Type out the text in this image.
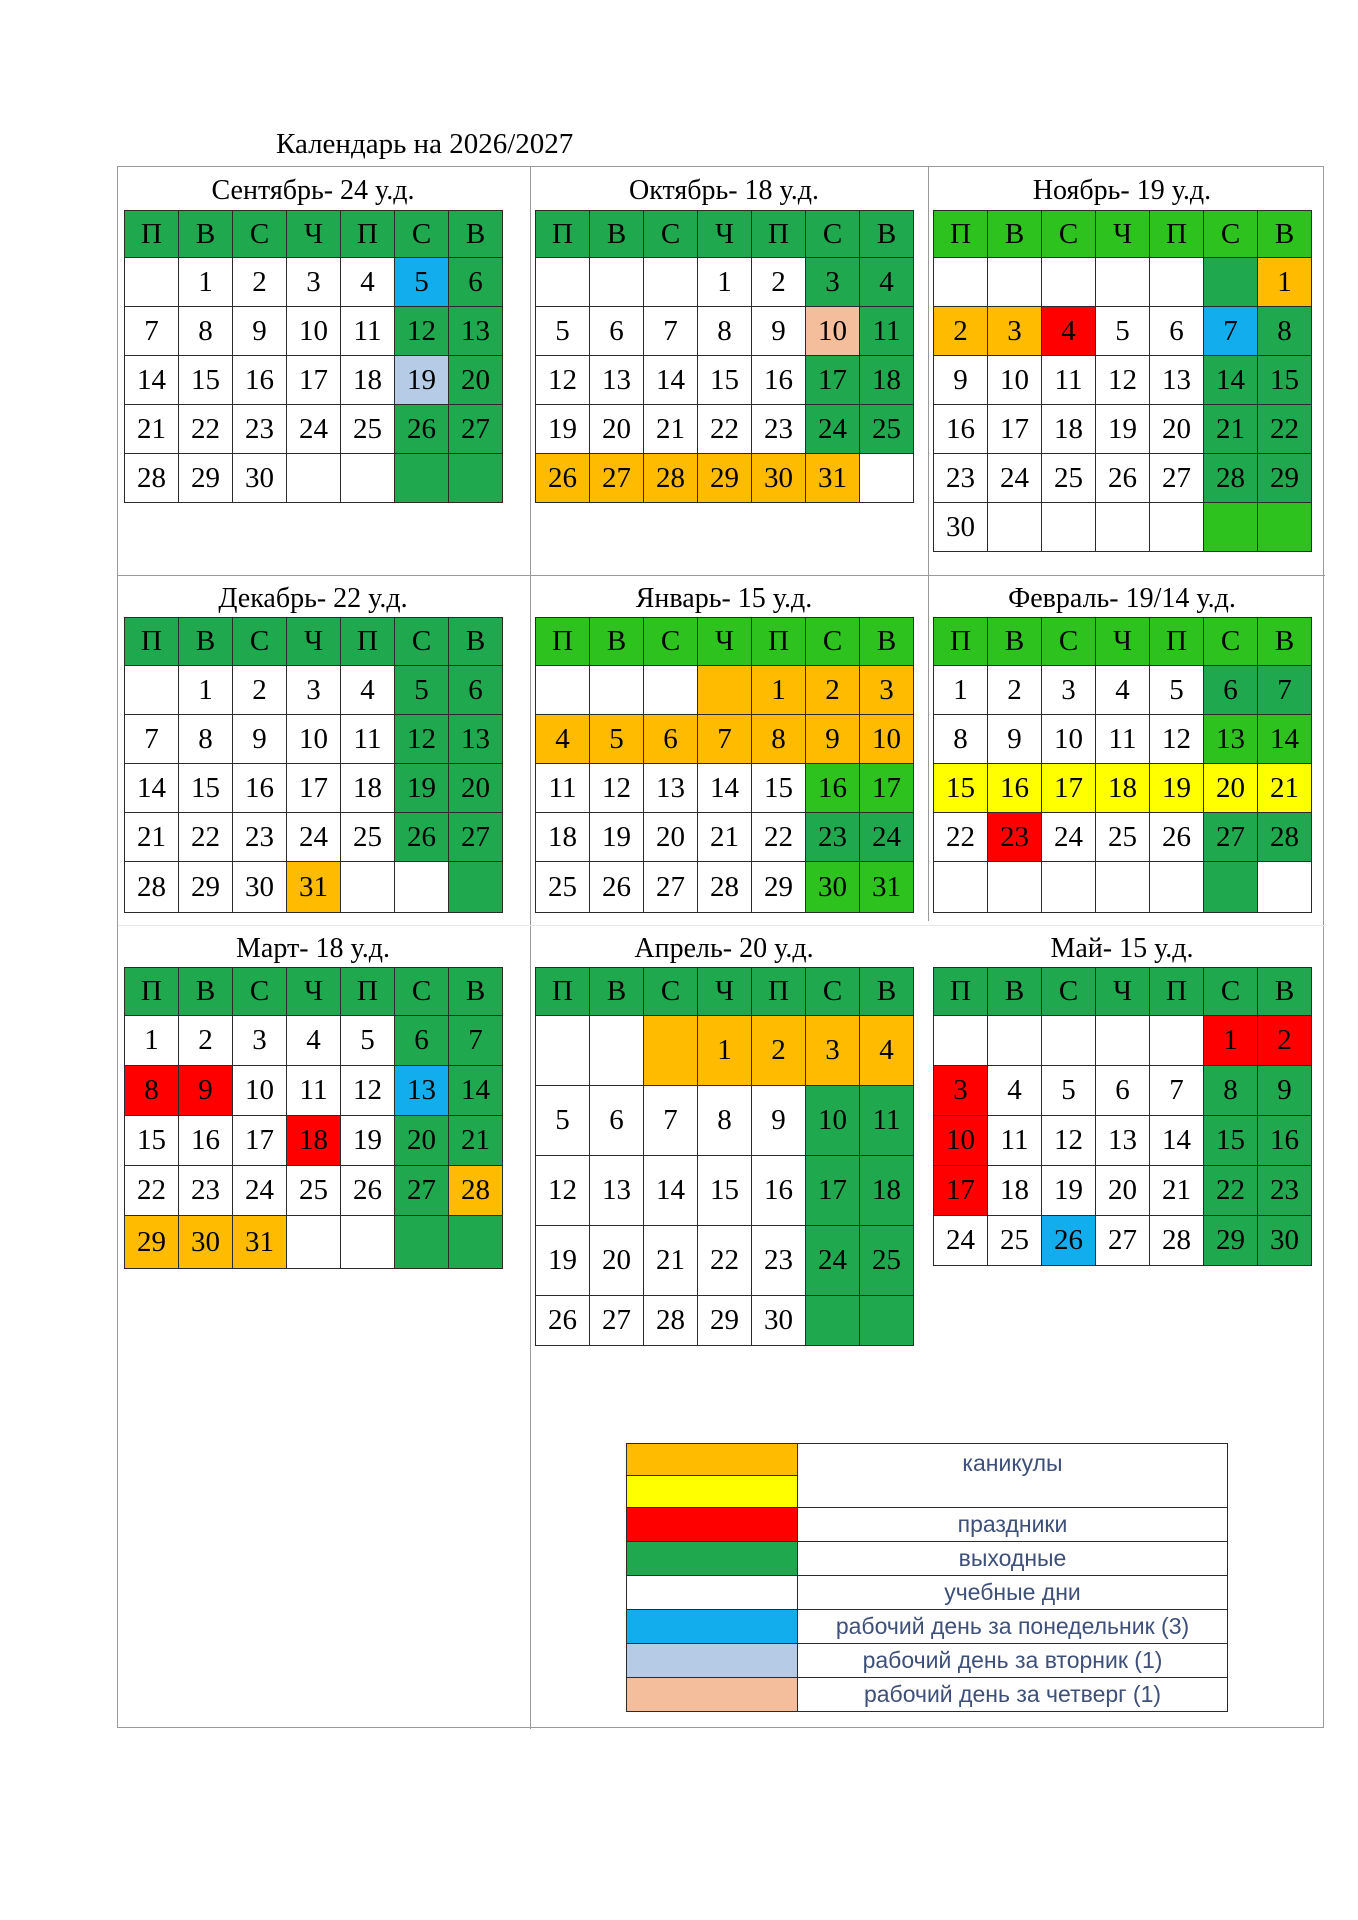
Календарь на 2026/2027
Сентябрь- 24 у.д.
П	В	С	Ч	П	С	В
	1	2	3	4	5	6
7	8	9	10	11	12	13
14	15	16	17	18	19	20
21	22	23	24	25	26	27
28	29	30				
Октябрь- 18 у.д.
П	В	С	Ч	П	С	В
			1	2	3	4
5	6	7	8	9	10	11
12	13	14	15	16	17	18
19	20	21	22	23	24	25
26	27	28	29	30	31	
Ноябрь- 19 у.д.
П	В	С	Ч	П	С	В
						1
2	3	4	5	6	7	8
9	10	11	12	13	14	15
16	17	18	19	20	21	22
23	24	25	26	27	28	29
30						
Декабрь- 22 у.д.
П	В	С	Ч	П	С	В
	1	2	3	4	5	6
7	8	9	10	11	12	13
14	15	16	17	18	19	20
21	22	23	24	25	26	27
28	29	30	31			
Январь- 15 у.д.
П	В	С	Ч	П	С	В
				1	2	3
4	5	6	7	8	9	10
11	12	13	14	15	16	17
18	19	20	21	22	23	24
25	26	27	28	29	30	31
Февраль- 19/14 у.д.
П	В	С	Ч	П	С	В
1	2	3	4	5	6	7
8	9	10	11	12	13	14
15	16	17	18	19	20	21
22	23	24	25	26	27	28

Март- 18 у.д.
П	В	С	Ч	П	С	В
1	2	3	4	5	6	7
8	9	10	11	12	13	14
15	16	17	18	19	20	21
22	23	24	25	26	27	28
29	30	31				
Апрель- 20 у.д.
П	В	С	Ч	П	С	В
			1	2	3	4
5	6	7	8	9	10	11
12	13	14	15	16	17	18
19	20	21	22	23	24	25
26	27	28	29	30		
Май- 15 у.д.
П	В	С	Ч	П	С	В
					1	2
3	4	5	6	7	8	9
10	11	12	13	14	15	16
17	18	19	20	21	22	23
24	25	26	27	28	29	30
	каникулы

	праздники
	выходные
	учебные дни
	рабочий день за понедельник (3)
	рабочий день за вторник (1)
	рабочий день за четверг (1)
